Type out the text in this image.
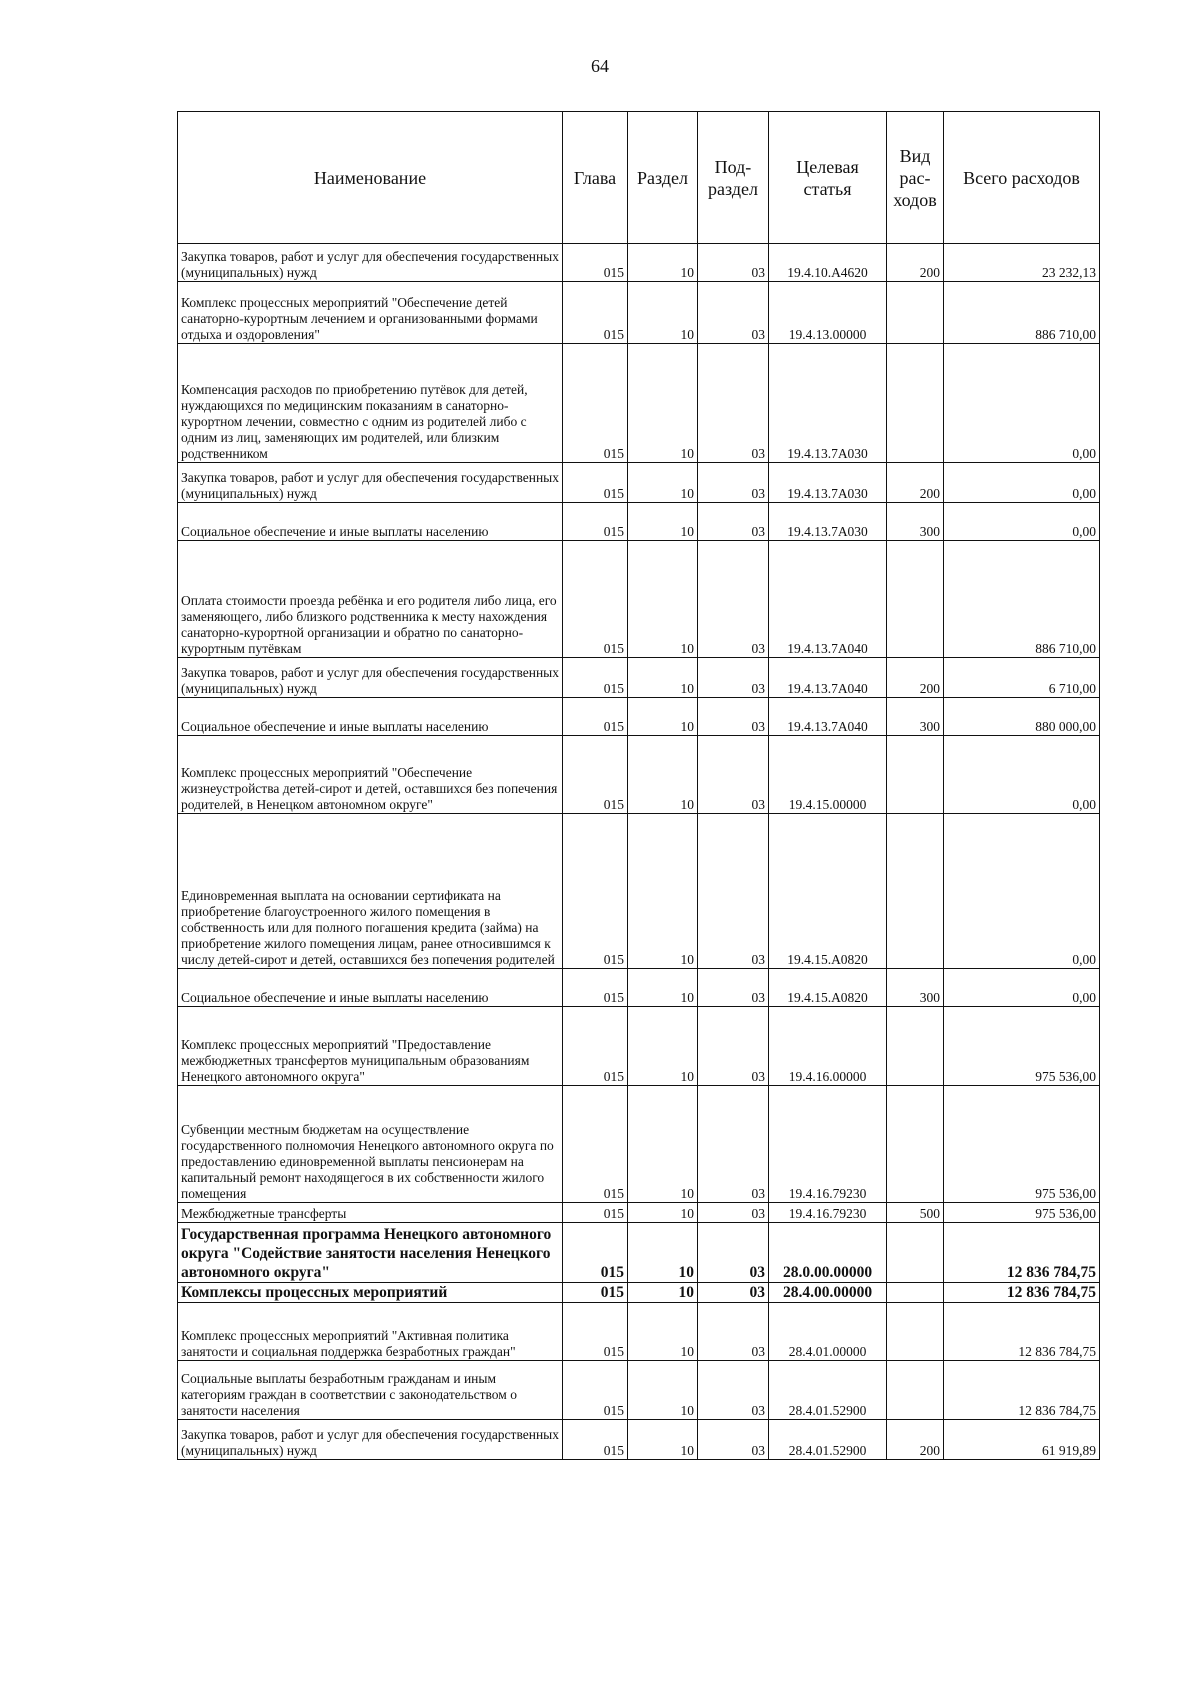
64
Наименование	Глава	Раздел	Под-раздел	Целевая статья	Вид рас-ходов	Всего расходов
Закупка товаров, работ и услуг для обеспечения государственных (муниципальных) нужд	015	10	03	19.4.10.А4620	200	23 232,13
Комплекс процессных мероприятий "Обеспечение детей санаторно-курортным лечением и организованными формами отдыха и оздоровления"	015	10	03	19.4.13.00000		886 710,00
Компенсация расходов по приобретению путёвок для детей, нуждающихся по медицинским показаниям в санаторно-курортном лечении, совместно с одним из родителей либо с одним из лиц, заменяющих им родителей, или близким родственником	015	10	03	19.4.13.7А030		0,00
Закупка товаров, работ и услуг для обеспечения государственных (муниципальных) нужд	015	10	03	19.4.13.7А030	200	0,00
Социальное обеспечение и иные выплаты населению	015	10	03	19.4.13.7А030	300	0,00
Оплата стоимости проезда ребёнка и его родителя либо лица, его заменяющего, либо близкого родственника к месту нахождения санаторно-курортной организации и обратно по санаторно-курортным путёвкам	015	10	03	19.4.13.7А040		886 710,00
Закупка товаров, работ и услуг для обеспечения государственных (муниципальных) нужд	015	10	03	19.4.13.7А040	200	6 710,00
Социальное обеспечение и иные выплаты населению	015	10	03	19.4.13.7А040	300	880 000,00
Комплекс процессных мероприятий "Обеспечение жизнеустройства детей-сирот и детей, оставшихся без попечения родителей, в Ненецком автономном округе"	015	10	03	19.4.15.00000		0,00
Единовременная выплата на основании сертификата на приобретение благоустроенного жилого помещения в собственность или для полного погашения кредита (займа) на приобретение жилого помещения лицам, ранее относившимся к числу детей-сирот и детей, оставшихся без попечения родителей	015	10	03	19.4.15.А0820		0,00
Социальное обеспечение и иные выплаты населению	015	10	03	19.4.15.А0820	300	0,00
Комплекс процессных мероприятий "Предоставление межбюджетных трансфертов муниципальным образованиям Ненецкого автономного округа"	015	10	03	19.4.16.00000		975 536,00
Субвенции местным бюджетам на осуществление государственного полномочия Ненецкого автономного округа по предоставлению единовременной выплаты пенсионерам на капитальный ремонт находящегося в их собственности жилого помещения	015	10	03	19.4.16.79230		975 536,00
Межбюджетные трансферты	015	10	03	19.4.16.79230	500	975 536,00
Государственная программа Ненецкого автономного округа "Содействие занятости населения Ненецкого автономного округа"	015	10	03	28.0.00.00000		12 836 784,75
Комплексы процессных мероприятий	015	10	03	28.4.00.00000		12 836 784,75
Комплекс процессных мероприятий "Активная политика занятости и социальная поддержка безработных граждан"	015	10	03	28.4.01.00000		12 836 784,75
Социальные выплаты безработным гражданам и иным категориям граждан в соответствии с законодательством о занятости населения	015	10	03	28.4.01.52900		12 836 784,75
Закупка товаров, работ и услуг для обеспечения государственных (муниципальных) нужд	015	10	03	28.4.01.52900	200	61 919,89
